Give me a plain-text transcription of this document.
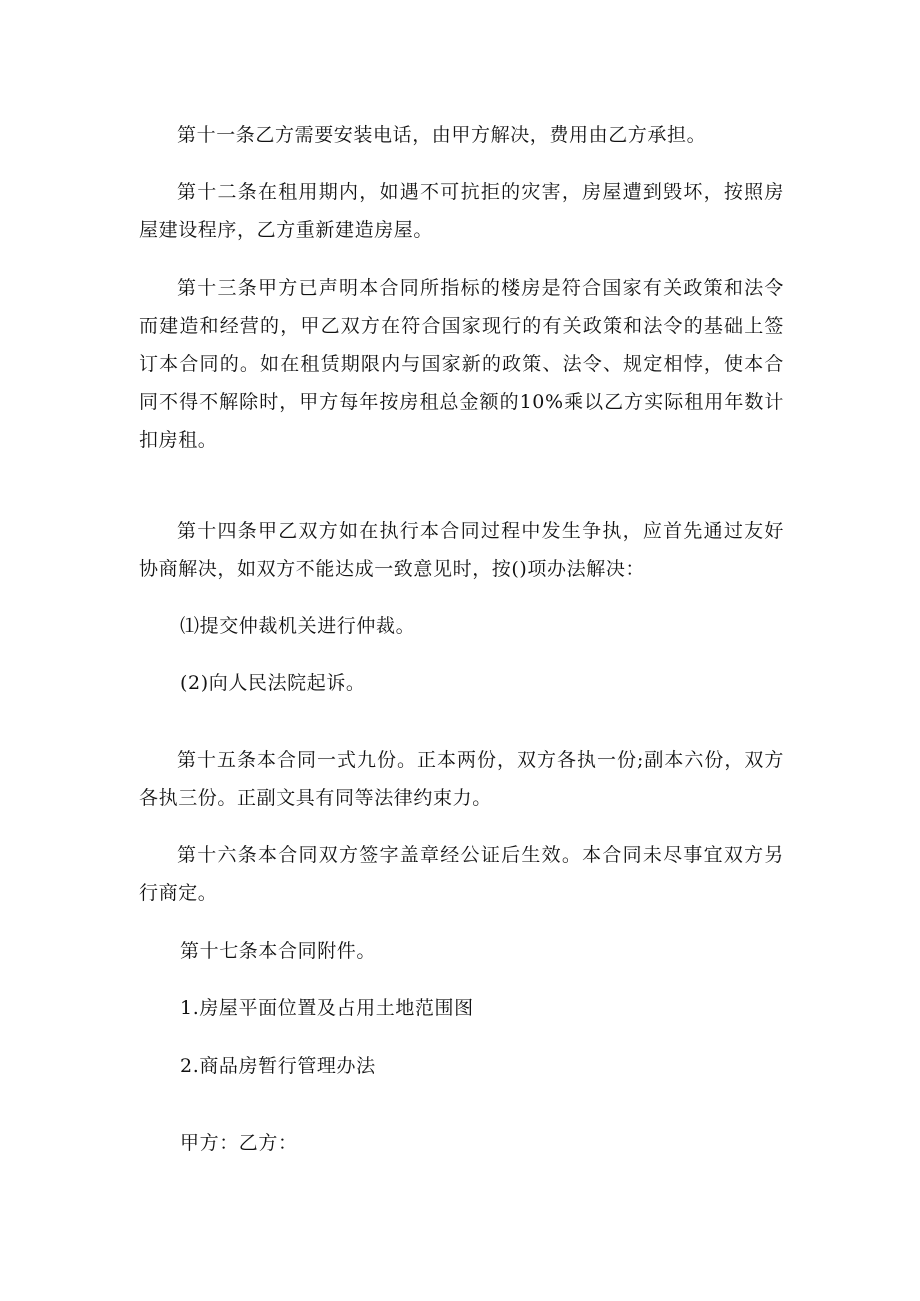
第十一条乙方需要安装电话，由甲方解决，费用由乙方承担。

第十二条在租用期内，如遇不可抗拒的灾害，房屋遭到毁坏，按照房屋建设程序，乙方重新建造房屋。

第十三条甲方已声明本合同所指标的楼房是符合国家有关政策和法令而建造和经营的，甲乙双方在符合国家现行的有关政策和法令的基础上签订本合同的。如在租赁期限内与国家新的政策、法令、规定相悖，使本合同不得不解除时，甲方每年按房租总金额的10%乘以乙方实际租用年数计扣房租。

第十四条甲乙双方如在执行本合同过程中发生争执，应首先通过友好协商解决，如双方不能达成一致意见时，按()项办法解决：

⑴提交仲裁机关进行仲裁。

(2)向人民法院起诉。

第十五条本合同一式九份。正本两份，双方各执一份;副本六份，双方各执三份。正副文具有同等法律约束力。

第十六条本合同双方签字盖章经公证后生效。本合同未尽事宜双方另行商定。

第十七条本合同附件。

1.房屋平面位置及占用土地范围图

2.商品房暂行管理办法

甲方：乙方：
